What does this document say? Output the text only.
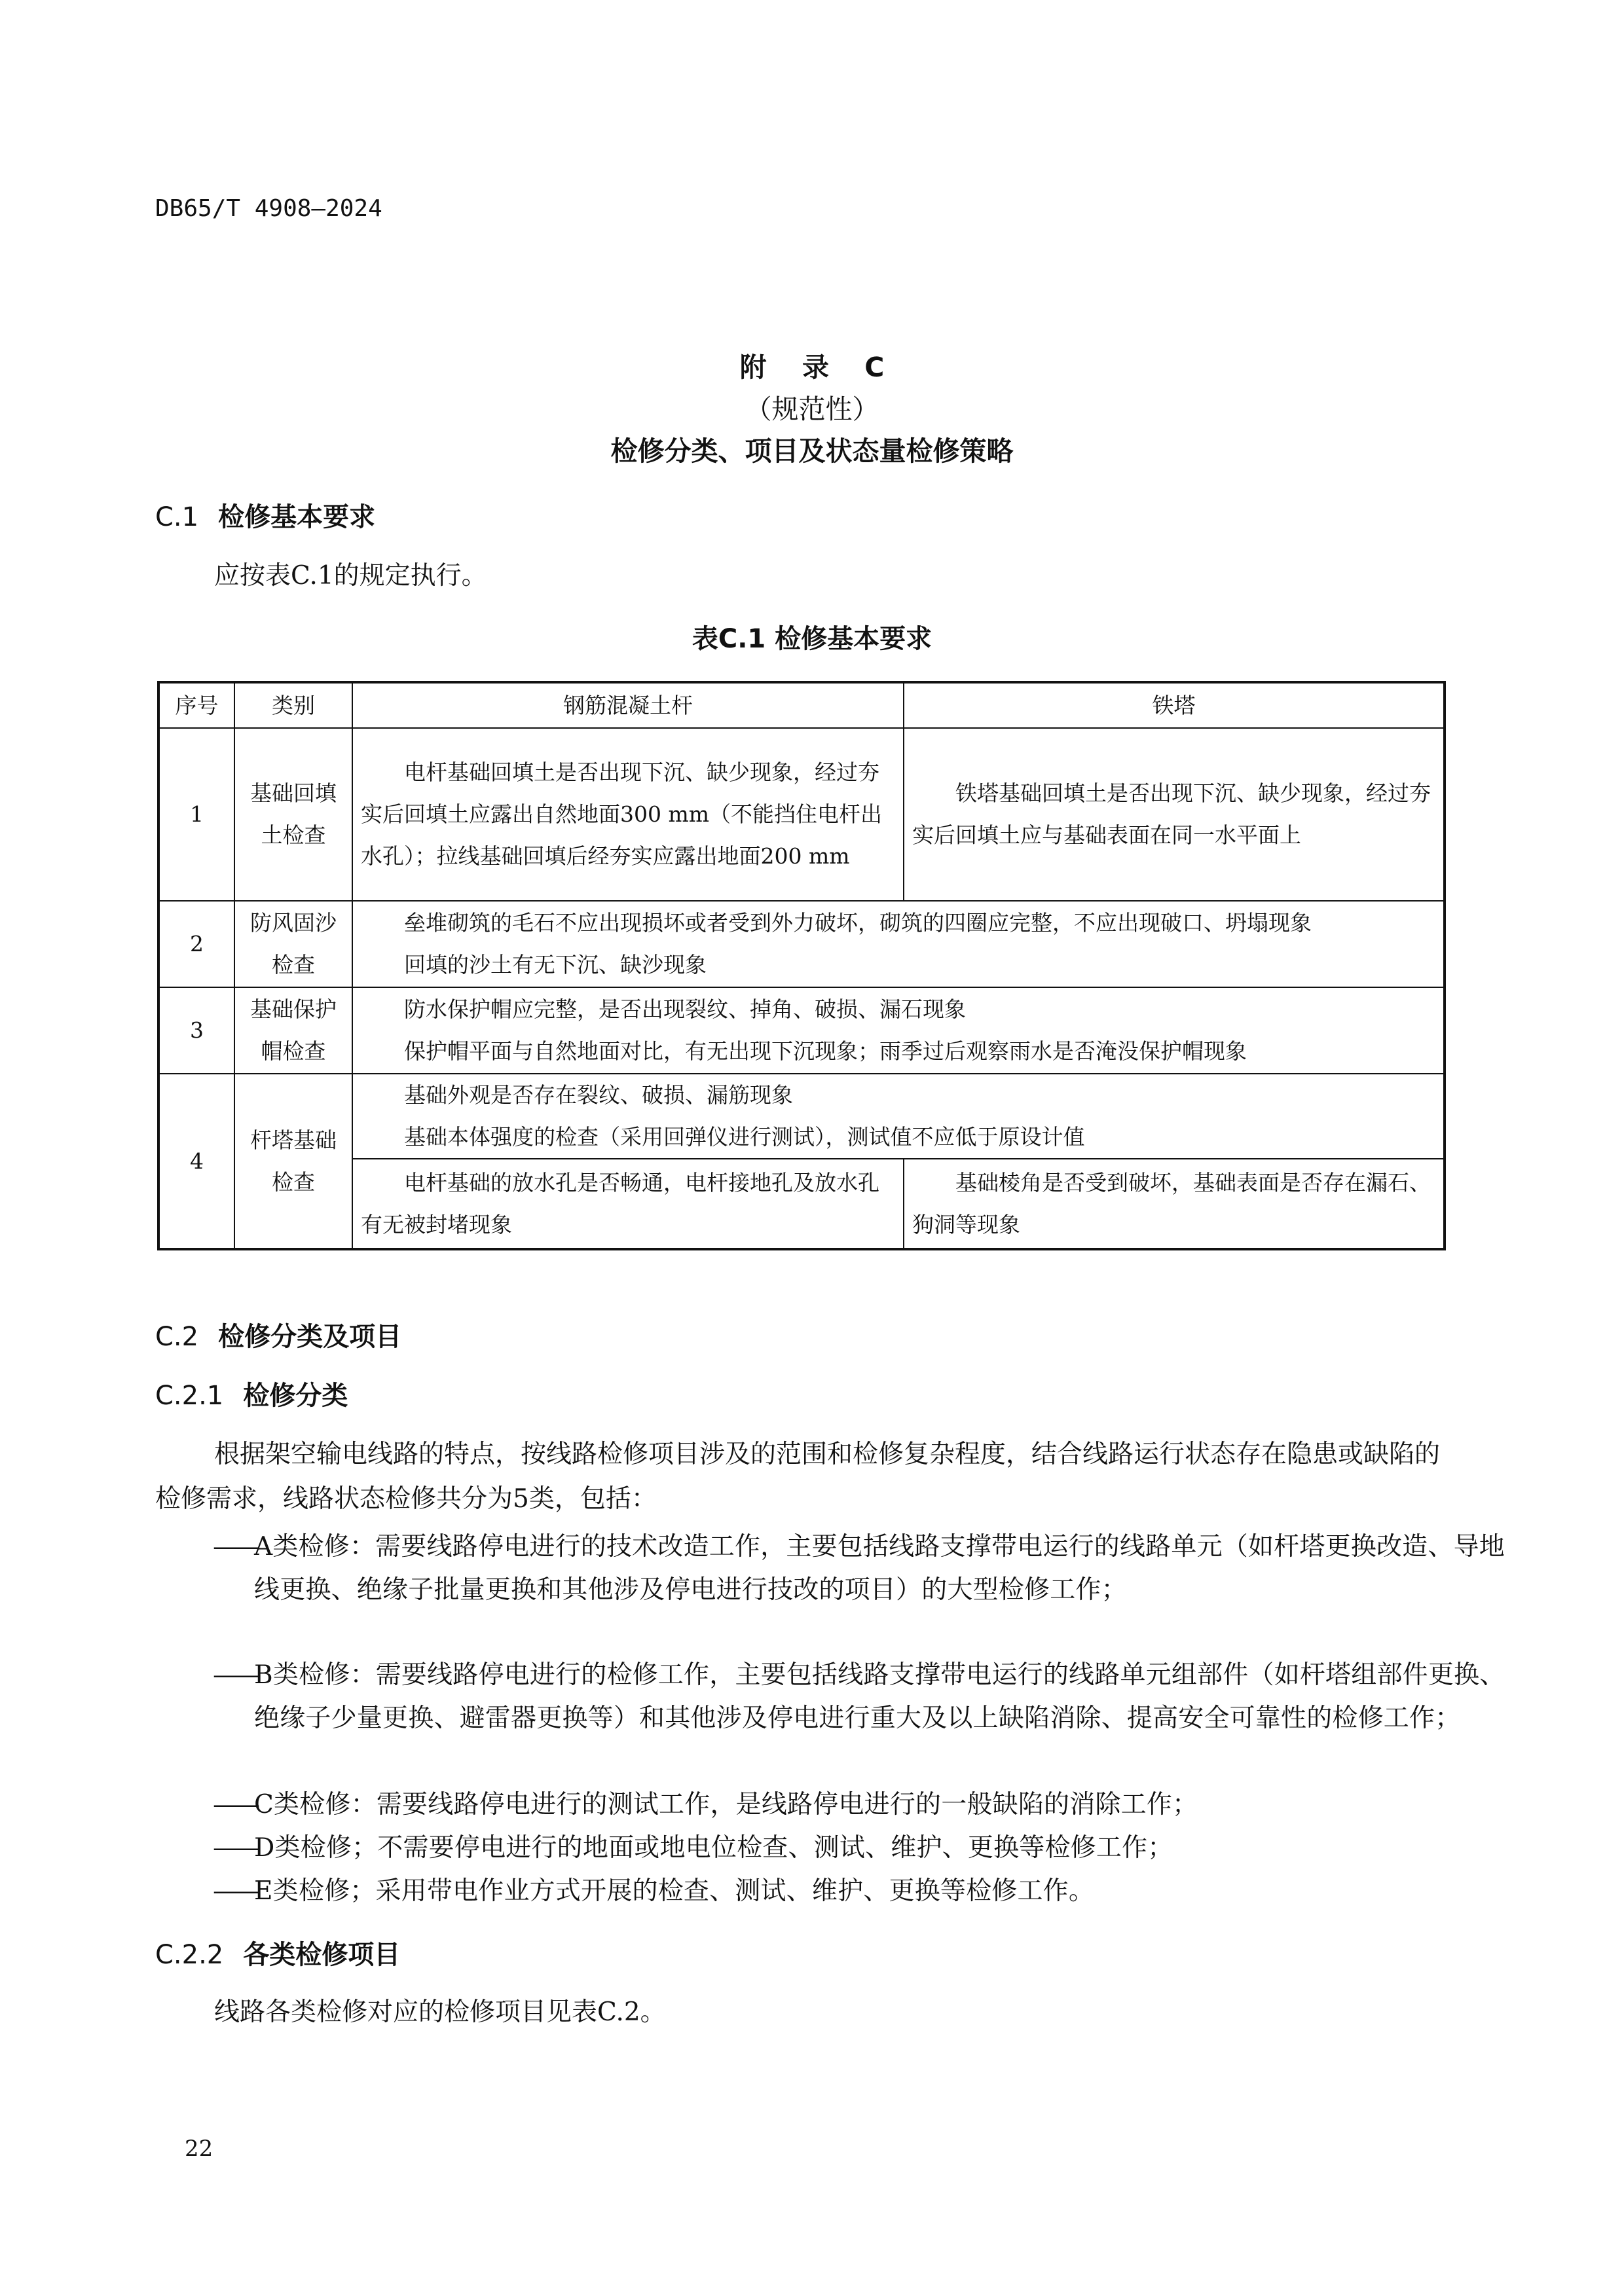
DB65/T 4908—2024
附 录 C
（规范性）
检修分类、项目及状态量检修策略
C.1 检修基本要求
应按表C.1的规定执行。
表C.1 检修基本要求
序号	类别	钢筋混凝土杆	铁塔
1	基础回填土检查	电杆基础回填土是否出现下沉、缺少现象，经过夯实后回填土应露出自然地面300 mm（不能挡住电杆出水孔）；拉线基础回填后经夯实应露出地面200 mm	铁塔基础回填土是否出现下沉、缺少现象，经过夯实后回填土应与基础表面在同一水平面上
2	防风固沙检查	垒堆砌筑的毛石不应出现损坏或者受到外力破坏，砌筑的四圈应完整，不应出现破口、坍塌现象
回填的沙土有无下沉、缺沙现象	

3	基础保护帽检查	防水保护帽应完整，是否出现裂纹、掉角、破损、漏石现象
保护帽平面与自然地面对比，有无出现下沉现象；雨季过后观察雨水是否淹没保护帽现象	

4	杆塔基础检查	基础外观是否存在裂纹、破损、漏筋现象
基础本体强度的检查（采用回弹仪进行测试），测试值不应低于原设计值	

		电杆基础的放水孔是否畅通，电杆接地孔及放水孔有无被封堵现象	基础棱角是否受到破坏，基础表面是否存在漏石、狗洞等现象
C.2 检修分类及项目
C.2.1 检修分类
根据架空输电线路的特点，按线路检修项目涉及的范围和检修复杂程度，结合线路运行状态存在隐患或缺陷的检修需求，线路状态检修共分为5类，包括：
——A类检修：需要线路停电进行的技术改造工作，主要包括线路支撑带电运行的线路单元（如杆塔更换改造、导地线更换、绝缘子批量更换和其他涉及停电进行技改的项目）的大型检修工作；
——B类检修：需要线路停电进行的检修工作，主要包括线路支撑带电运行的线路单元组部件（如杆塔组部件更换、绝缘子少量更换、避雷器更换等）和其他涉及停电进行重大及以上缺陷消除、提高安全可靠性的检修工作；
——C类检修：需要线路停电进行的测试工作，是线路停电进行的一般缺陷的消除工作；
——D类检修；不需要停电进行的地面或地电位检查、测试、维护、更换等检修工作；
——E类检修；采用带电作业方式开展的检查、测试、维护、更换等检修工作。
C.2.2 各类检修项目
线路各类检修对应的检修项目见表C.2。
22
